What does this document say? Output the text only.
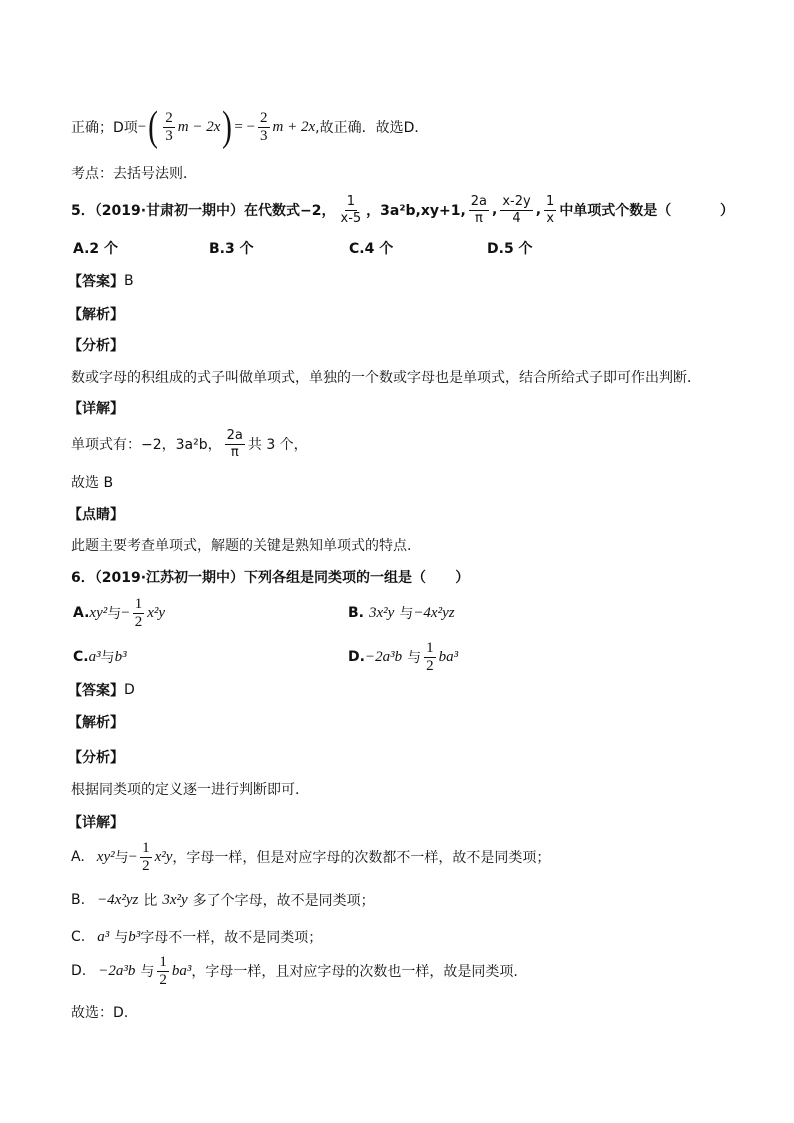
正确；D项 − ( $\frac{2}{3}$ m − 2x ) = − $\frac{2}{3}$ m + 2x ,故正确．故选D．
考点：去括号法则．
5．（2019·甘肃初一期中）在代数式−2， $\frac{1}{x-5}$ ，3a²b,xy+1, $\frac{2a}{\pi}$ , $\frac{x-2y}{4}$ , $\frac{1}{x}$ 中单项式个数是（          ）
A.2 个	B.3 个	C.4 个	D.5 个
【答案】 B
【解析】
【分析】
数或字母的积组成的式子叫做单项式，单独的一个数或字母也是单项式，结合所给式子即可作出判断．
【详解】
单项式有：−2，3a²b， $\frac{2a}{\pi}$ 共 3 个，
故选 B
【点睛】
此题主要考查单项式，解题的关键是熟知单项式的特点.
6．（2019·江苏初一期中）下列各组是同类项的一组是（      ）
A. xy² 与 − $\frac{1}{2} x^2y$	B. 3x²y 与 −4x²yz
C. a³ 与 b³	D. −2a³b 与 $\frac{1}{2} ba^3$
【答案】 D
【解析】
【分析】
根据同类项的定义逐一进行判断即可.
【详解】
A. xy² 与 − $\frac{1}{2} x^2y$ ，字母一样，但是对应字母的次数都不一样，故不是同类项；
B. −4x²yz 比 3x²y 多了个字母，故不是同类项；
C. a³ 与 b³ 字母不一样，故不是同类项；
D. −2a³b 与 $\frac{1}{2} ba^3$ ，字母一样，且对应字母的次数也一样，故是同类项.
故选：D.
